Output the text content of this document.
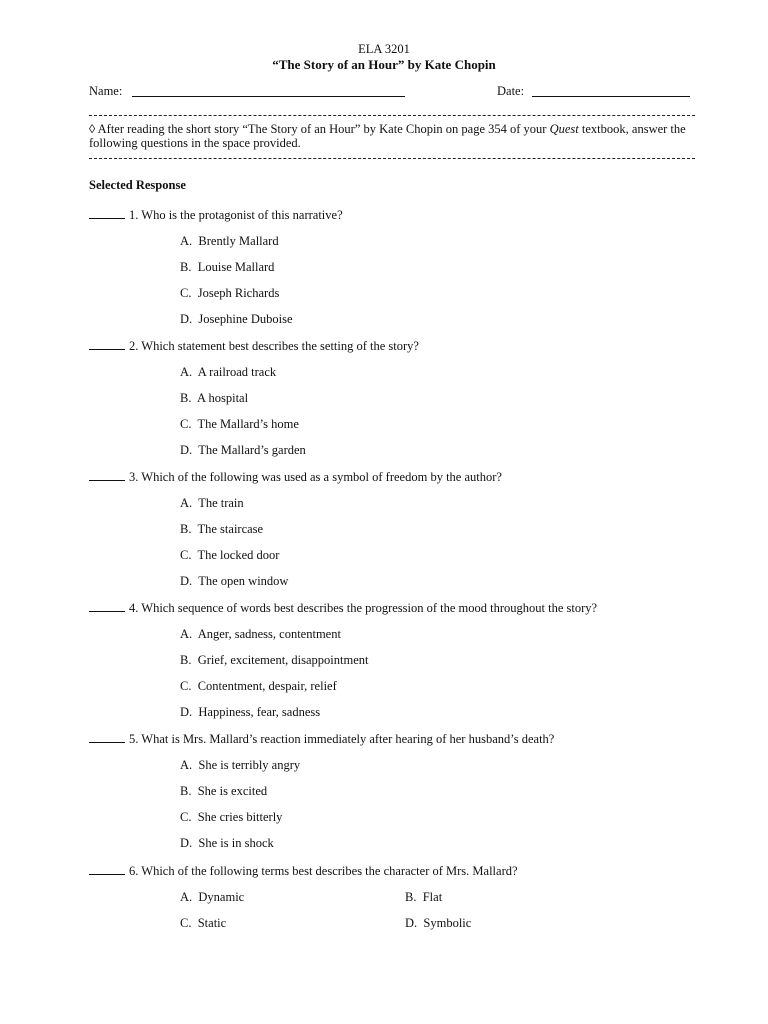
ELA 3201
“The Story of an Hour” by Kate Chopin
Name:	Date:
◊ After reading the short story “The Story of an Hour” by Kate Chopin on page 354 of your Quest textbook, answer the following questions in the space provided.
Selected Response
1. Who is the protagonist of this narrative?
A. Brently Mallard
B. Louise Mallard
C. Joseph Richards
D. Josephine Duboise
2. Which statement best describes the setting of the story?
A. A railroad track
B. A hospital
C. The Mallard’s home
D. The Mallard’s garden
3. Which of the following was used as a symbol of freedom by the author?
A. The train
B. The staircase
C. The locked door
D. The open window
4. Which sequence of words best describes the progression of the mood throughout the story?
A. Anger, sadness, contentment
B. Grief, excitement, disappointment
C. Contentment, despair, relief
D. Happiness, fear, sadness
5. What is Mrs. Mallard’s reaction immediately after hearing of her husband’s death?
A. She is terribly angry
B. She is excited
C. She cries bitterly
D. She is in shock
6. Which of the following terms best describes the character of Mrs. Mallard?
A. Dynamic	B. Flat
C. Static	D. Symbolic
